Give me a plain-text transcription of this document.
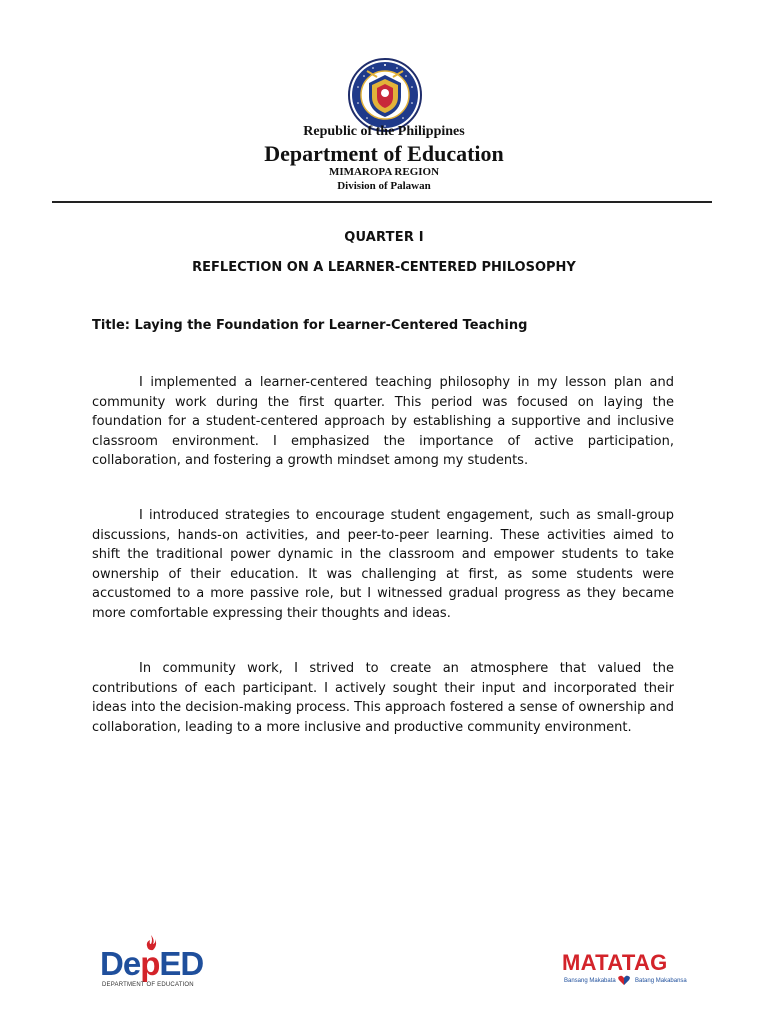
Republic of the Philippines
Department of Education
MIMAROPA REGION
Division of Palawan
QUARTER I
REFLECTION ON A LEARNER-CENTERED PHILOSOPHY
Title: Laying the Foundation for Learner-Centered Teaching

I implemented a learner-centered teaching philosophy in my lesson plan and community work during the first quarter. This period was focused on laying the foundation for a student-centered approach by establishing a supportive and inclusive classroom environment. I emphasized the importance of active participation, collaboration, and fostering a growth mindset among my students.

I introduced strategies to encourage student engagement, such as small-group discussions, hands-on activities, and peer-to-peer learning. These activities aimed to shift the traditional power dynamic in the classroom and empower students to take ownership of their education. It was challenging at first, as some students were accustomed to a more passive role, but I witnessed gradual progress as they became more comfortable expressing their thoughts and ideas.

In community work, I strived to create an atmosphere that valued the contributions of each participant. I actively sought their input and incorporated their ideas into the decision-making process. This approach fostered a sense of ownership and collaboration, leading to a more inclusive and productive community environment.

DepED
DEPARTMENT OF EDUCATION
MATATAG
Bansang Makabata	Batang Makabansa
